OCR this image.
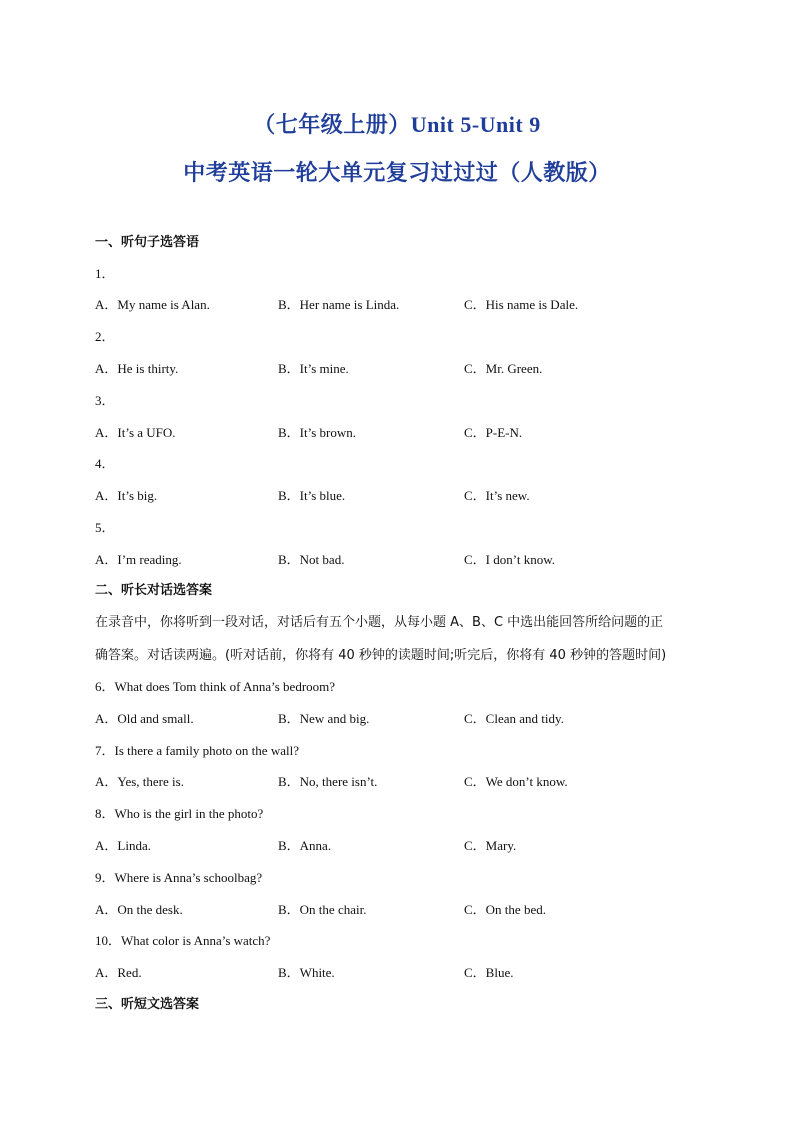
（七年级上册）Unit 5-Unit 9
中考英语一轮大单元复习过过过（人教版）
一、听句子选答语
1．
A．My name is Alan.	B．Her name is Linda.	C．His name is Dale.
2．
A．He is thirty.	B．It’s mine.	C．Mr. Green.
3．
A．It’s a UFO.	B．It’s brown.	C．P-E-N.
4．
A．It’s big.	B．It’s blue.	C．It’s new.
5．
A．I’m reading.	B．Not bad.	C．I don’t know.
二、听长对话选答案
在录音中，你将听到一段对话，对话后有五个小题，从每小题 A、B、C 中选出能回答所给问题的正
确答案。对话读两遍。(听对话前，你将有 40 秒钟的读题时间;听完后，你将有 40 秒钟的答题时间)
6．What does Tom think of Anna’s bedroom?
A．Old and small.	B．New and big.	C．Clean and tidy.
7．Is there a family photo on the wall?
A．Yes, there is.	B．No, there isn’t.	C．We don’t know.
8．Who is the girl in the photo?
A．Linda.	B．Anna.	C．Mary.
9．Where is Anna’s schoolbag?
A．On the desk.	B．On the chair.	C．On the bed.
10．What color is Anna’s watch?
A．Red.	B．White.	C．Blue.
三、听短文选答案
